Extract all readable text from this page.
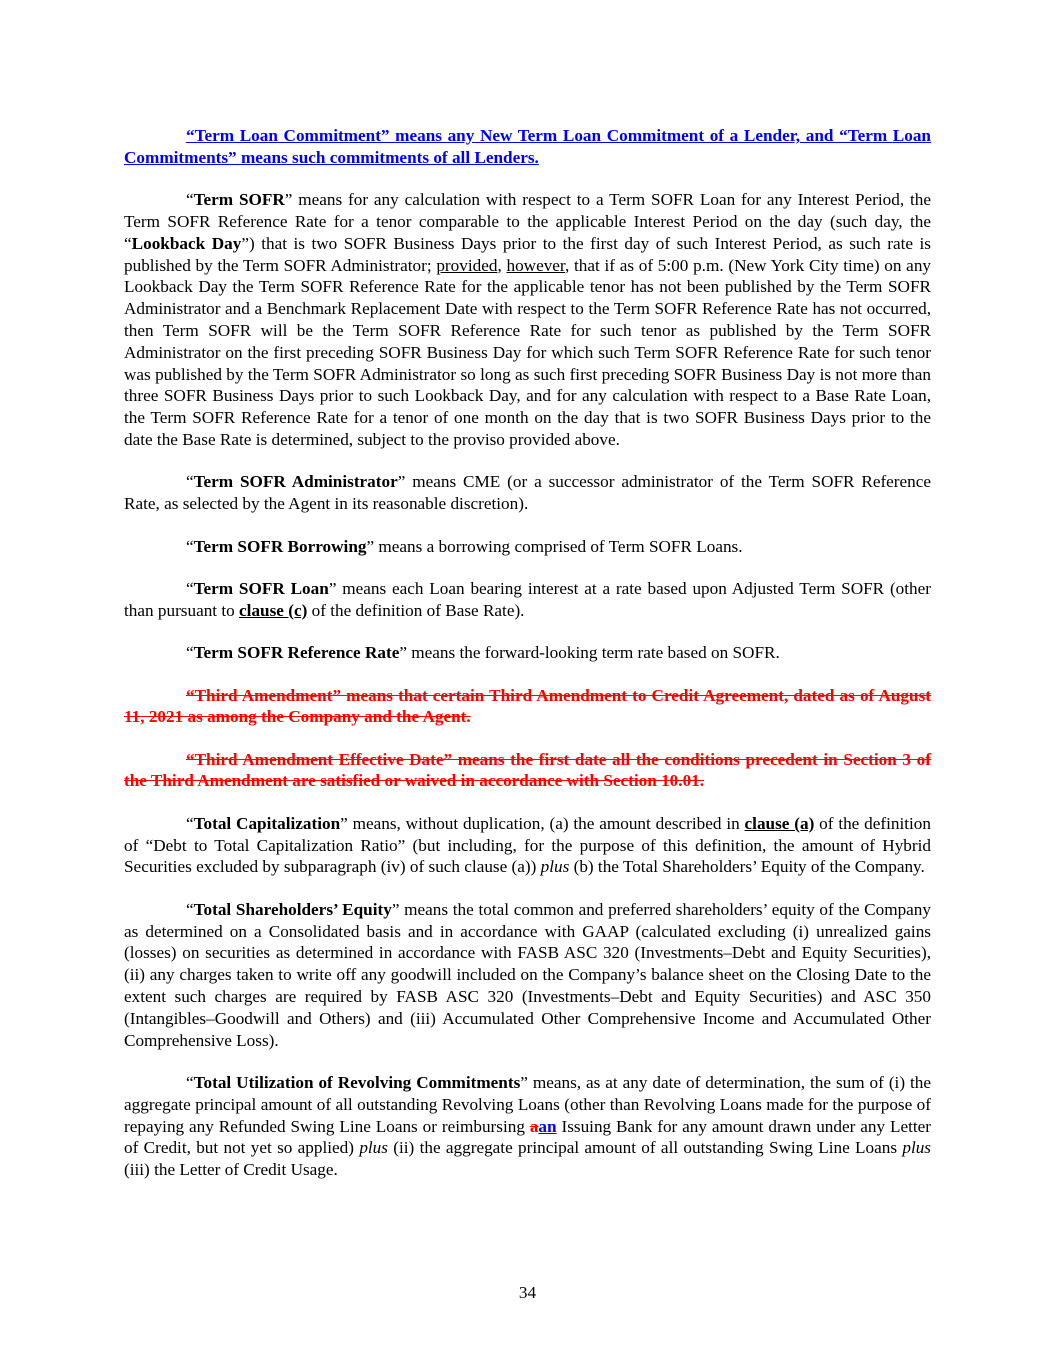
“Term Loan Commitment” means any New Term Loan Commitment of a Lender, and “Term Loan Commitments” means such commitments of all Lenders.

“Term SOFR” means for any calculation with respect to a Term SOFR Loan for any Interest Period, the Term SOFR Reference Rate for a tenor comparable to the applicable Interest Period on the day (such day, the “Lookback Day”) that is two SOFR Business Days prior to the first day of such Interest Period, as such rate is published by the Term SOFR Administrator; provided, however, that if as of 5:00 p.m. (New York City time) on any Lookback Day the Term SOFR Reference Rate for the applicable tenor has not been published by the Term SOFR Administrator and a Benchmark Replacement Date with respect to the Term SOFR Reference Rate has not occurred, then Term SOFR will be the Term SOFR Reference Rate for such tenor as published by the Term SOFR Administrator on the first preceding SOFR Business Day for which such Term SOFR Reference Rate for such tenor was published by the Term SOFR Administrator so long as such first preceding SOFR Business Day is not more than three SOFR Business Days prior to such Lookback Day, and for any calculation with respect to a Base Rate Loan, the Term SOFR Reference Rate for a tenor of one month on the day that is two SOFR Business Days prior to the date the Base Rate is determined, subject to the proviso provided above.

“Term SOFR Administrator” means CME (or a successor administrator of the Term SOFR Reference Rate, as selected by the Agent in its reasonable discretion).

“Term SOFR Borrowing” means a borrowing comprised of Term SOFR Loans.

“Term SOFR Loan” means each Loan bearing interest at a rate based upon Adjusted Term SOFR (other than pursuant to clause (c) of the definition of Base Rate).

“Term SOFR Reference Rate” means the forward-looking term rate based on SOFR.

“Third Amendment” means that certain Third Amendment to Credit Agreement, dated as of August 11, 2021 as among the Company and the Agent.

“Third Amendment Effective Date” means the first date all the conditions precedent in Section 3 of the Third Amendment are satisfied or waived in accordance with Section 10.01.

“Total Capitalization” means, without duplication, (a) the amount described in clause (a) of the definition of “Debt to Total Capitalization Ratio” (but including, for the purpose of this definition, the amount of Hybrid Securities excluded by subparagraph (iv) of such clause (a)) plus (b) the Total Shareholders’ Equity of the Company.

“Total Shareholders’ Equity” means the total common and preferred shareholders’ equity of the Company as determined on a Consolidated basis and in accordance with GAAP (calculated excluding (i) unrealized gains (losses) on securities as determined in accordance with FASB ASC 320 (Investments–Debt and Equity Securities), (ii) any charges taken to write off any goodwill included on the Company’s balance sheet on the Closing Date to the extent such charges are required by FASB ASC 320 (Investments–Debt and Equity Securities) and ASC 350 (Intangibles–Goodwill and Others) and (iii) Accumulated Other Comprehensive Income and Accumulated Other Comprehensive Loss).

“Total Utilization of Revolving Commitments” means, as at any date of determination, the sum of (i) the aggregate principal amount of all outstanding Revolving Loans (other than Revolving Loans made for the purpose of repaying any Refunded Swing Line Loans or reimbursing aan Issuing Bank for any amount drawn under any Letter of Credit, but not yet so applied) plus (ii) the aggregate principal amount of all outstanding Swing Line Loans plus (iii) the Letter of Credit Usage.

34
